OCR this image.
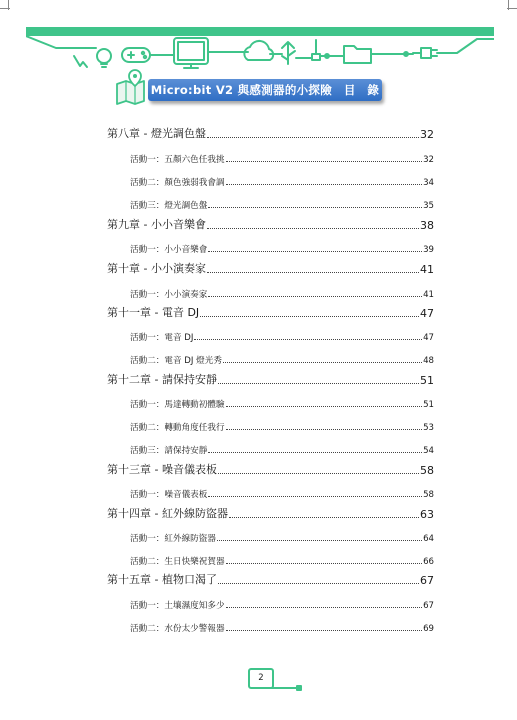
Micro:bit V2 與感測器的小探險　目　錄
第八章 - 燈光調色盤	32
活動一：五顏六色任我挑	32
活動二：顏色強弱我會調	34
活動三：燈光調色盤	35
第九章 - 小小音樂會	38
活動一：小小音樂會	39
第十章 - 小小演奏家	41
活動一：小小演奏家	41
第十一章 - 電音 DJ	47
活動一：電音 DJ	47
活動二：電音 DJ 燈光秀	48
第十二章 - 請保持安靜	51
活動一：馬達轉動初體驗	51
活動二：轉動角度任我行	53
活動三：請保持安靜	54
第十三章 - 噪音儀表板	58
活動一：噪音儀表板	58
第十四章 - 紅外線防盜器	63
活動一：紅外線防盜器	64
活動二：生日快樂祝賀器	66
第十五章 - 植物口渴了	67
活動一：土壤濕度知多少	67
活動二：水份太少警報器	69
2
